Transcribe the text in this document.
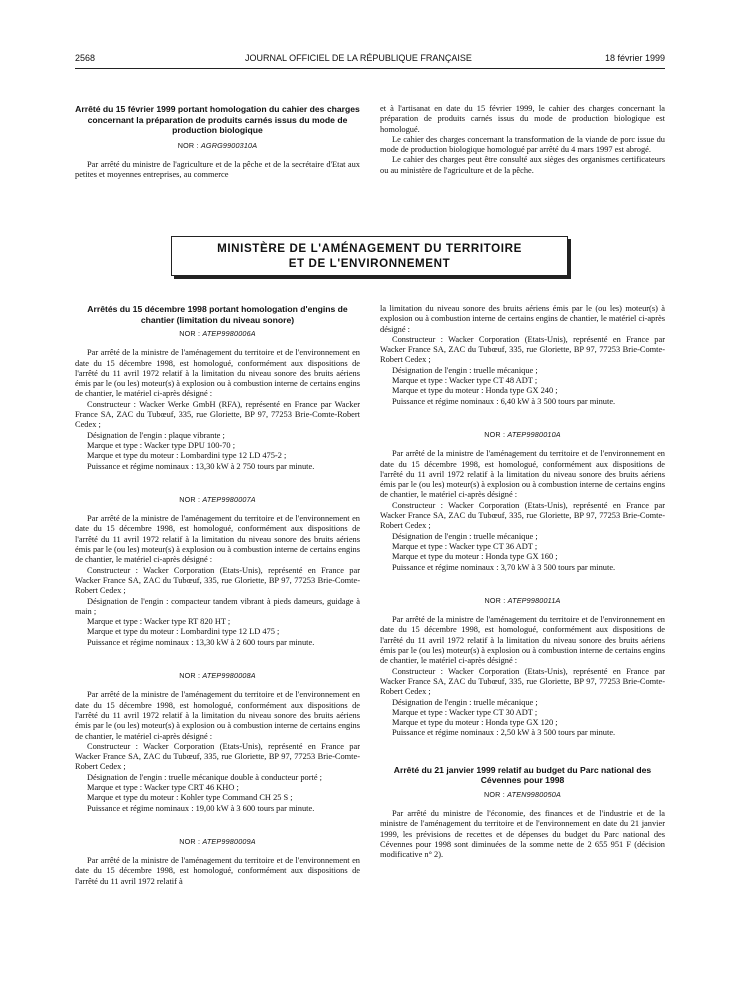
2568	JOURNAL OFFICIEL DE LA RÉPUBLIQUE FRANÇAISE	18 février 1999
Arrêté du 15 février 1999 portant homologation du cahier des charges concernant la préparation de produits carnés issus du mode de production biologique
NOR : AGRG9900310A

Par arrêté du ministre de l'agriculture et de la pêche et de la secrétaire d'Etat aux petites et moyennes entreprises, au commerce

et à l'artisanat en date du 15 février 1999, le cahier des charges concernant la préparation de produits carnés issus du mode de production biologique est homologué.

Le cahier des charges concernant la transformation de la viande de porc issue du mode de production biologique homologué par arrêté du 4 mars 1997 est abrogé.

Le cahier des charges peut être consulté aux sièges des organismes certificateurs ou au ministère de l'agriculture et de la pêche.

MINISTÈRE DE L'AMÉNAGEMENT DU TERRITOIRE
ET DE L'ENVIRONNEMENT
Arrêtés du 15 décembre 1998 portant homologation d'engins de chantier (limitation du niveau sonore)
NOR : ATEP9980006A

Par arrêté de la ministre de l'aménagement du territoire et de l'environnement en date du 15 décembre 1998, est homologué, conformément aux dispositions de l'arrêté du 11 avril 1972 relatif à la limitation du niveau sonore des bruits aériens émis par le (ou les) moteur(s) à explosion ou à combustion interne de certains engins de chantier, le matériel ci-après désigné :

Constructeur : Wacker Werke GmbH (RFA), représenté en France par Wacker France SA, ZAC du Tubœuf, 335, rue Gloriette, BP 97, 77253 Brie-Comte-Robert Cedex ;

Désignation de l'engin : plaque vibrante ;

Marque et type : Wacker type DPU 100-70 ;

Marque et type du moteur : Lombardini type 12 LD 475-2 ;

Puissance et régime nominaux : 13,30 kW à 2 750 tours par minute.

NOR : ATEP9980007A

Par arrêté de la ministre de l'aménagement du territoire et de l'environnement en date du 15 décembre 1998, est homologué, conformément aux dispositions de l'arrêté du 11 avril 1972 relatif à la limitation du niveau sonore des bruits aériens émis par le (ou les) moteur(s) à explosion ou à combustion interne de certains engins de chantier, le matériel ci-après désigné :

Constructeur : Wacker Corporation (Etats-Unis), représenté en France par Wacker France SA, ZAC du Tubœuf, 335, rue Gloriette, BP 97, 77253 Brie-Comte-Robert Cedex ;

Désignation de l'engin : compacteur tandem vibrant à pieds dameurs, guidage à main ;

Marque et type : Wacker type RT 820 HT ;

Marque et type du moteur : Lombardini type 12 LD 475 ;

Puissance et régime nominaux : 13,30 kW à 2 600 tours par minute.

NOR : ATEP9980008A

Par arrêté de la ministre de l'aménagement du territoire et de l'environnement en date du 15 décembre 1998, est homologué, conformément aux dispositions de l'arrêté du 11 avril 1972 relatif à la limitation du niveau sonore des bruits aériens émis par le (ou les) moteur(s) à explosion ou à combustion interne de certains engins de chantier, le matériel ci-après désigné :

Constructeur : Wacker Corporation (Etats-Unis), représenté en France par Wacker France SA, ZAC du Tubœuf, 335, rue Gloriette, BP 97, 77253 Brie-Comte-Robert Cedex ;

Désignation de l'engin : truelle mécanique double à conducteur porté ;

Marque et type : Wacker type CRT 46 KHO ;

Marque et type du moteur : Kohler type Command CH 25 S ;

Puissance et régime nominaux : 19,00 kW à 3 600 tours par minute.

NOR : ATEP9980009A

Par arrêté de la ministre de l'aménagement du territoire et de l'environnement en date du 15 décembre 1998, est homologué, conformément aux dispositions de l'arrêté du 11 avril 1972 relatif à

la limitation du niveau sonore des bruits aériens émis par le (ou les) moteur(s) à explosion ou à combustion interne de certains engins de chantier, le matériel ci-après désigné :

Constructeur : Wacker Corporation (Etats-Unis), représenté en France par Wacker France SA, ZAC du Tubœuf, 335, rue Gloriette, BP 97, 77253 Brie-Comte-Robert Cedex ;

Désignation de l'engin : truelle mécanique ;

Marque et type : Wacker type CT 48 ADT ;

Marque et type du moteur : Honda type GX 240 ;

Puissance et régime nominaux : 6,40 kW à 3 500 tours par minute.

NOR : ATEP9980010A

Par arrêté de la ministre de l'aménagement du territoire et de l'environnement en date du 15 décembre 1998, est homologué, conformément aux dispositions de l'arrêté du 11 avril 1972 relatif à la limitation du niveau sonore des bruits aériens émis par le (ou les) moteur(s) à explosion ou à combustion interne de certains engins de chantier, le matériel ci-après désigné :

Constructeur : Wacker Corporation (Etats-Unis), représenté en France par Wacker France SA, ZAC du Tubœuf, 335, rue Gloriette, BP 97, 77253 Brie-Comte-Robert Cedex ;

Désignation de l'engin : truelle mécanique ;

Marque et type : Wacker type CT 36 ADT ;

Marque et type du moteur : Honda type GX 160 ;

Puissance et régime nominaux : 3,70 kW à 3 500 tours par minute.

NOR : ATEP9980011A

Par arrêté de la ministre de l'aménagement du territoire et de l'environnement en date du 15 décembre 1998, est homologué, conformément aux dispositions de l'arrêté du 11 avril 1972 relatif à la limitation du niveau sonore des bruits aériens émis par le (ou les) moteur(s) à explosion ou à combustion interne de certains engins de chantier, le matériel ci-après désigné :

Constructeur : Wacker Corporation (Etats-Unis), représenté en France par Wacker France SA, ZAC du Tubœuf, 335, rue Gloriette, BP 97, 77253 Brie-Comte-Robert Cedex ;

Désignation de l'engin : truelle mécanique ;

Marque et type : Wacker type CT 30 ADT ;

Marque et type du moteur : Honda type GX 120 ;

Puissance et régime nominaux : 2,50 kW à 3 500 tours par minute.

Arrêté du 21 janvier 1999 relatif au budget du Parc national des Cévennes pour 1998
NOR : ATEN9980050A

Par arrêté du ministre de l'économie, des finances et de l'industrie et de la ministre de l'aménagement du territoire et de l'environnement en date du 21 janvier 1999, les prévisions de recettes et de dépenses du budget du Parc national des Cévennes pour 1998 sont diminuées de la somme nette de 2 655 951 F (décision modificative n° 2).
